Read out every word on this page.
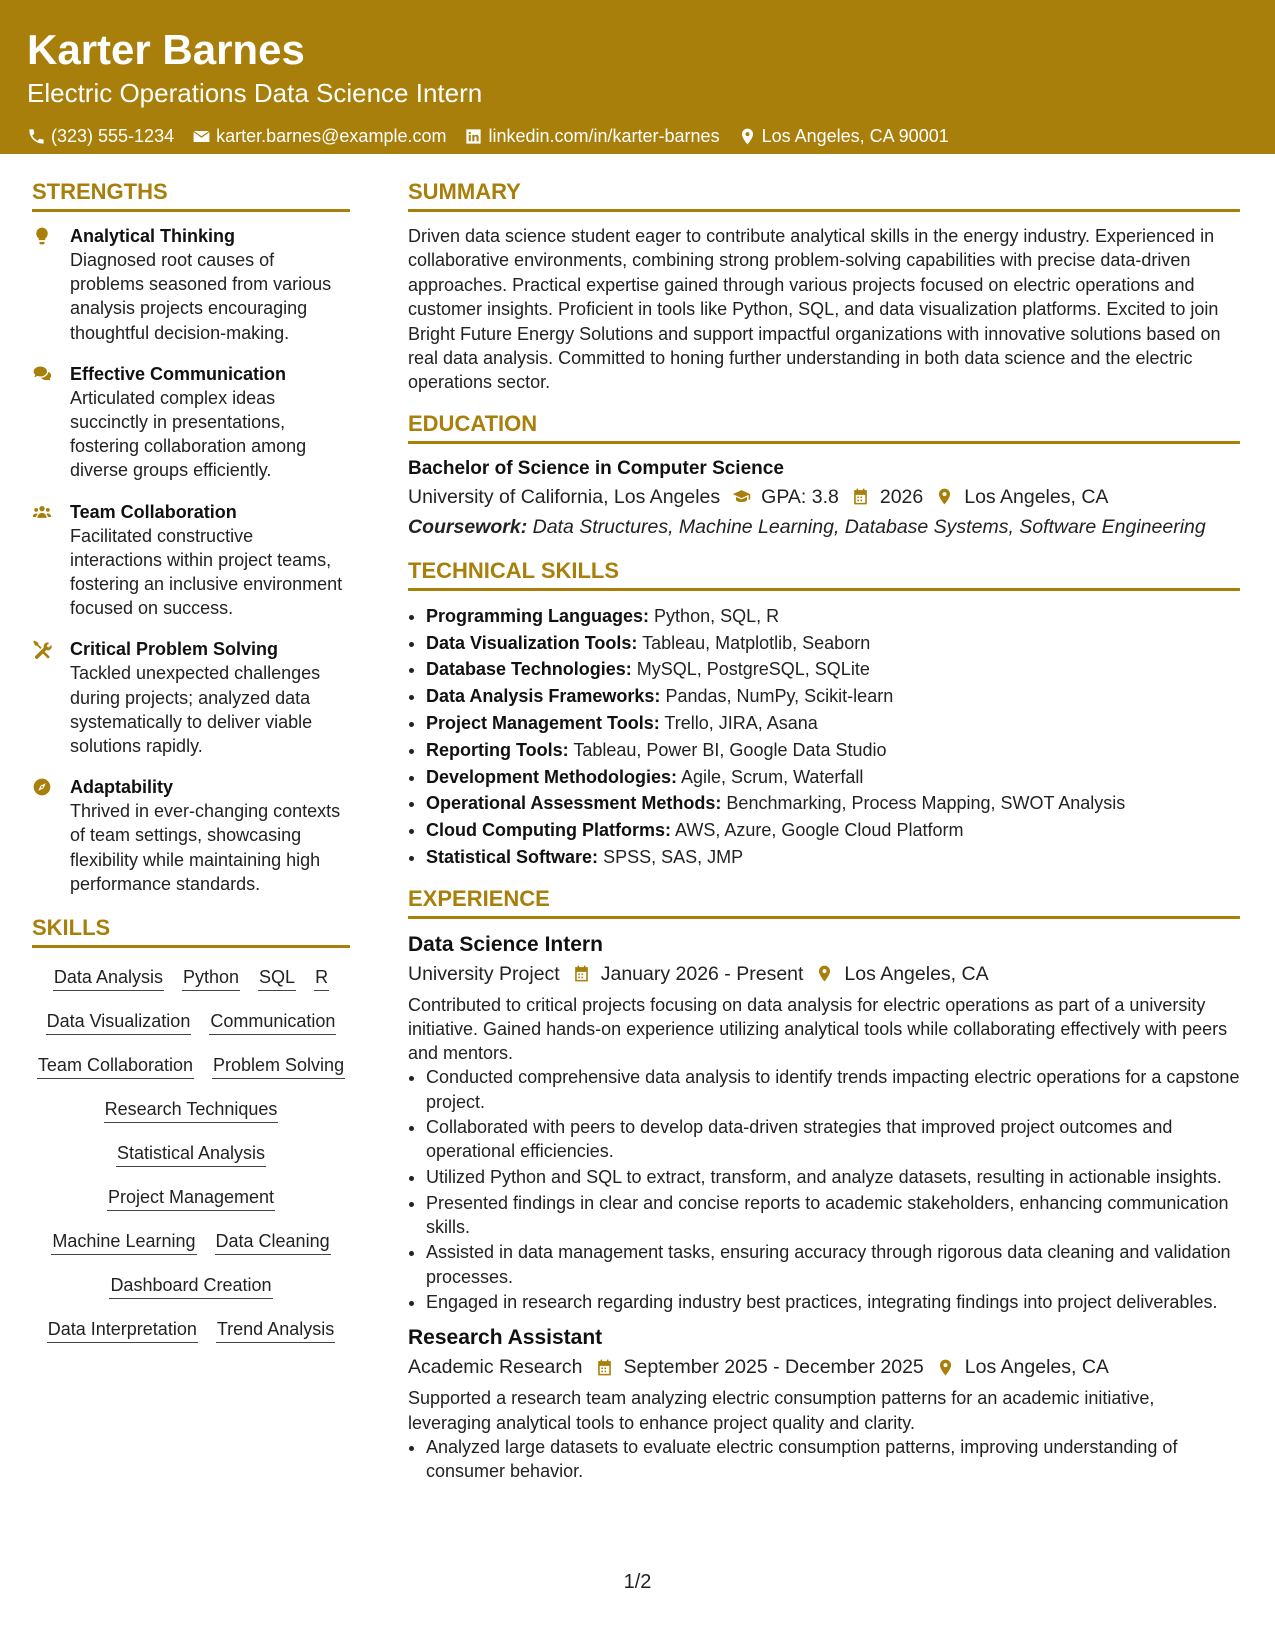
Karter Barnes
Electric Operations Data Science Intern
(323) 555-1234 karter.barnes@example.com linkedin.com/in/karter-barnes Los Angeles, CA 90001
STRENGTHS
Analytical Thinking
Diagnosed root causes of problems seasoned from various analysis projects encouraging thoughtful decision-making.
Effective Communication
Articulated complex ideas succinctly in presentations, fostering collaboration among diverse groups efficiently.
Team Collaboration
Facilitated constructive interactions within project teams, fostering an inclusive environment focused on success.
Critical Problem Solving
Tackled unexpected challenges during projects; analyzed data systematically to deliver viable solutions rapidly.
Adaptability
Thrived in ever-changing contexts of team settings, showcasing flexibility while maintaining high performance standards.
SKILLS
Data Analysis Python SQL R
Data Visualization Communication
Team Collaboration Problem Solving
Research Techniques
Statistical Analysis
Project Management
Machine Learning Data Cleaning
Dashboard Creation
Data Interpretation Trend Analysis
SUMMARY

Driven data science student eager to contribute analytical skills in the energy industry. Experienced in collaborative environments, combining strong problem-solving capabilities with precise data-driven approaches. Practical expertise gained through various projects focused on electric operations and customer insights. Proficient in tools like Python, SQL, and data visualization platforms. Excited to join Bright Future Energy Solutions and support impactful organizations with innovative solutions based on real data analysis. Committed to honing further understanding in both data science and the electric operations sector.

EDUCATION
Bachelor of Science in Computer Science
University of California, Los Angeles GPA: 3.8 2026 Los Angeles, CA
Coursework: Data Structures, Machine Learning, Database Systems, Software Engineering
TECHNICAL SKILLS
• Programming Languages: Python, SQL, R
• Data Visualization Tools: Tableau, Matplotlib, Seaborn
• Database Technologies: MySQL, PostgreSQL, SQLite
• Data Analysis Frameworks: Pandas, NumPy, Scikit-learn
• Project Management Tools: Trello, JIRA, Asana
• Reporting Tools: Tableau, Power BI, Google Data Studio
• Development Methodologies: Agile, Scrum, Waterfall
• Operational Assessment Methods: Benchmarking, Process Mapping, SWOT Analysis
• Cloud Computing Platforms: AWS, Azure, Google Cloud Platform
• Statistical Software: SPSS, SAS, JMP
EXPERIENCE
Data Science Intern
University Project January 2026 - Present Los Angeles, CA
Contributed to critical projects focusing on data analysis for electric operations as part of a university initiative. Gained hands-on experience utilizing analytical tools while collaborating effectively with peers and mentors.
• Conducted comprehensive data analysis to identify trends impacting electric operations for a capstone project.
• Collaborated with peers to develop data-driven strategies that improved project outcomes and operational efficiencies.
• Utilized Python and SQL to extract, transform, and analyze datasets, resulting in actionable insights.
• Presented findings in clear and concise reports to academic stakeholders, enhancing communication skills.
• Assisted in data management tasks, ensuring accuracy through rigorous data cleaning and validation processes.
• Engaged in research regarding industry best practices, integrating findings into project deliverables.
Research Assistant
Academic Research September 2025 - December 2025 Los Angeles, CA
Supported a research team analyzing electric consumption patterns for an academic initiative, leveraging analytical tools to enhance project quality and clarity.
• Analyzed large datasets to evaluate electric consumption patterns, improving understanding of consumer behavior.
1/2
